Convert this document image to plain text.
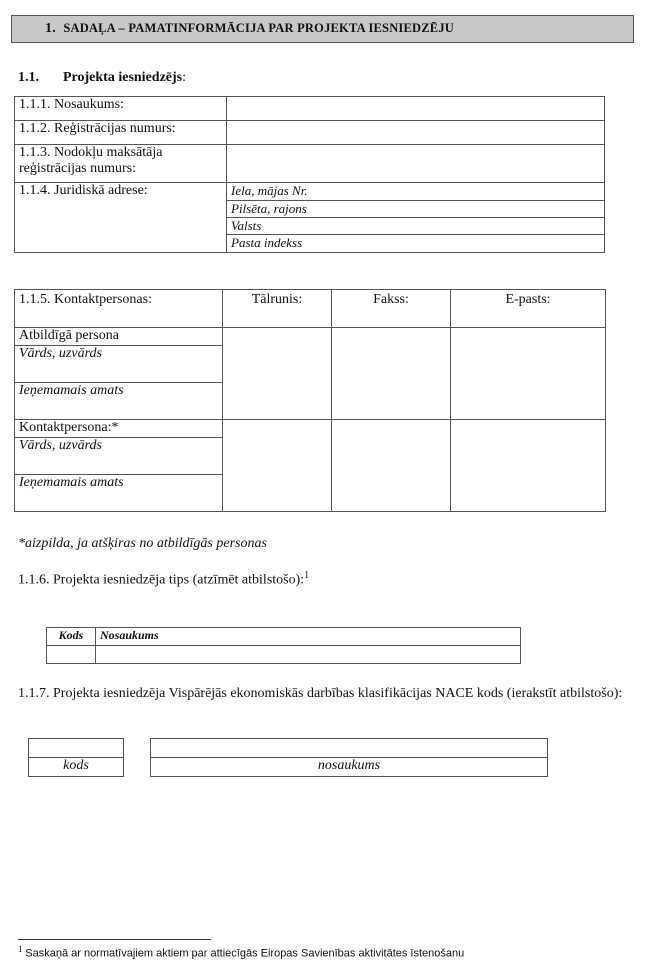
1. SADAĻA – PAMATINFORMĀCIJA PAR PROJEKTA IESNIEDZĒJU
1.1. Projekta iesniedzējs:
1.1.1. Nosaukums:	
1.1.2. Reģistrācijas numurs:	
1.1.3. Nodokļu maksātāja reģistrācijas numurs:	
1.1.4. Juridiskā adrese:		Iela, mājas Nr.
Pilsēta, rajons
Valsts
Pasta indekss
1.1.5. Kontaktpersonas:	Tālrunis:	Fakss:	E-pasts:
Atbildīgā persona			
Vārds, uzvārds			
Ieņemamais amats			
Kontaktpersona:*			
Vārds, uzvārds			
Ieņemamais amats			
*aizpilda, ja atšķiras no atbildīgās personas
1.1.6. Projekta iesniedzēja tips (atzīmēt atbilstošo):$^1$
Kods	Nosaukums

1.1.7. Projekta iesniedzēja Vispārējās ekonomiskās darbības klasifikācijas NACE kods (ierakstīt atbilstošo):

kods	nosaukums
$^1$ Saskaņā ar normatīvajiem aktiem par attiecīgās Eiropas Savienības aktivitātes īstenošanu
